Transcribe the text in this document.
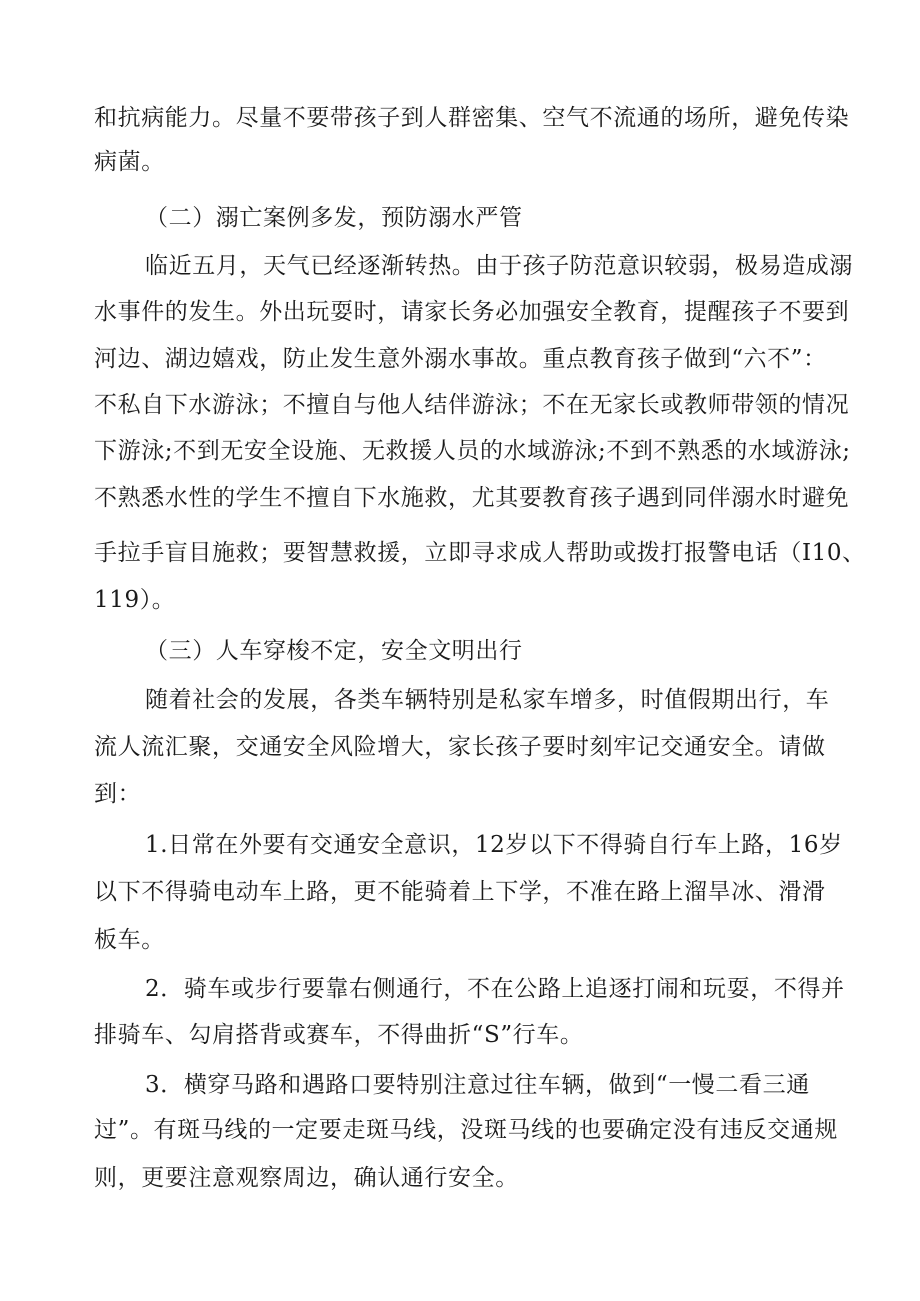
和抗病能力。尽量不要带孩子到人群密集、空气不流通的场所，避免传染
病菌。
（二）溺亡案例多发，预防溺水严管
临近五月，天气已经逐渐转热。由于孩子防范意识较弱，极易造成溺
水事件的发生。外出玩耍时，请家长务必加强安全教育，提醒孩子不要到
河边、湖边嬉戏，防止发生意外溺水事故。重点教育孩子做到“六不”：
不私自下水游泳；不擅自与他人结伴游泳；不在无家长或教师带领的情况
下游泳;不到无安全设施、无救援人员的水域游泳;不到不熟悉的水域游泳;
不熟悉水性的学生不擅自下水施救，尤其要教育孩子遇到同伴溺水时避免
手拉手盲目施救；要智慧救援，立即寻求成人帮助或拨打报警电话（I10、
119）。
（三）人车穿梭不定，安全文明出行
随着社会的发展，各类车辆特别是私家车增多，时值假期出行，车
流人流汇聚，交通安全风险增大，家长孩子要时刻牢记交通安全。请做
到：
1.日常在外要有交通安全意识，12岁以下不得骑自行车上路，16岁
以下不得骑电动车上路，更不能骑着上下学，不准在路上溜旱冰、滑滑
板车。
2．骑车或步行要靠右侧通行，不在公路上追逐打闹和玩耍，不得并
排骑车、勾肩搭背或赛车，不得曲折“S”行车。
3．横穿马路和遇路口要特别注意过往车辆，做到“一慢二看三通
过”。有斑马线的一定要走斑马线，没斑马线的也要确定没有违反交通规
则，更要注意观察周边，确认通行安全。
